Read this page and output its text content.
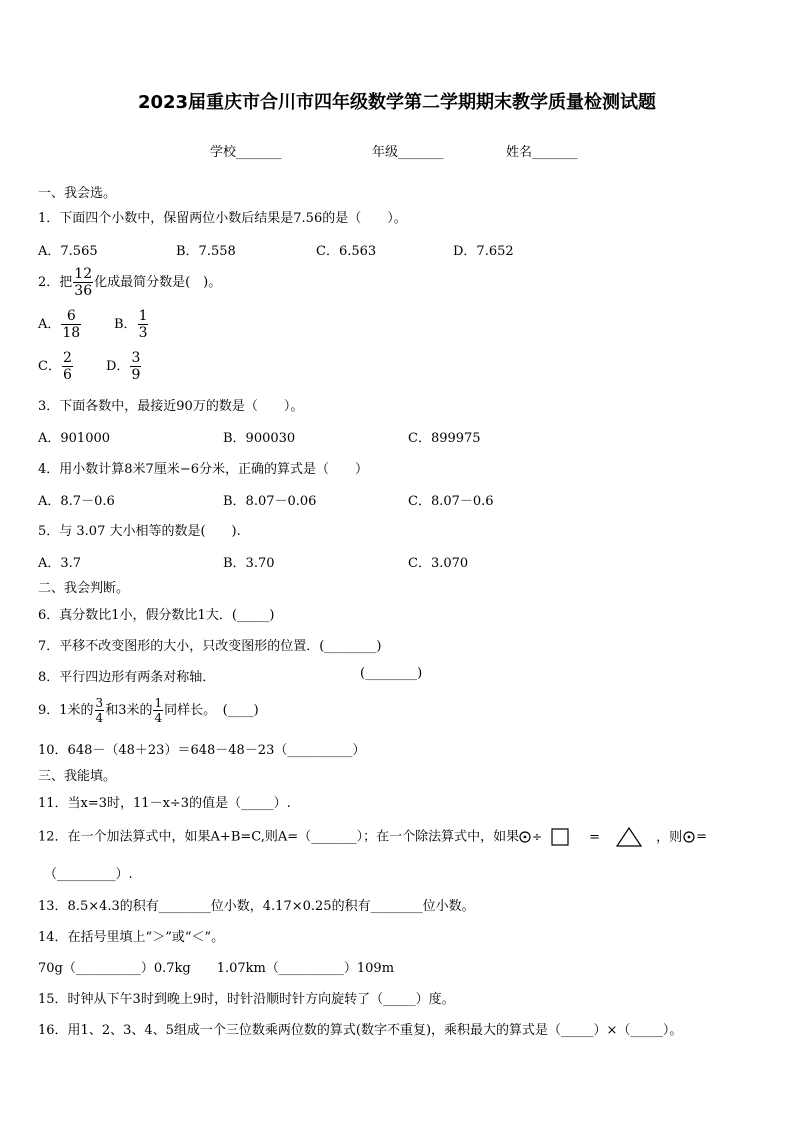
2023届重庆市合川市四年级数学第二学期期末教学质量检测试题
学校_______	年级_______	姓名_______
一、我会选。
1．下面四个小数中，保留两位小数后结果是7.56的是（　　）。
A．7.565	B．7.558	C．6.563	D．7.652
2．把 $\frac{12}{36}$ 化成最简分数是(　)。
A． $\frac{6}{18}$	B． $\frac{1}{3}$
C． $\frac{2}{6}$	D． $\frac{3}{9}$
3．下面各数中，最接近90万的数是（　　）。
A．901000	B．900030	C．899975
4．用小数计算8米7厘米−6分米，正确的算式是（　　）
A．8.7－0.6	B．8.07－0.06	C．8.07－0.6
5．与 3.07 大小相等的数是(　　).
A．3.7	B．3.70	C．3.070
二、我会判断。
6．真分数比1小，假分数比1大．(_____)
7．平移不改变图形的大小，只改变图形的位置．(________)
8．平行四边形有两条对称轴．	(________)
9．1米的 $\frac{3}{4}$ 和3米的 $\frac{1}{4}$ 同样长。　(____)
10．648－（48＋23）＝648－48－23（__________）
三、我能填。
11．当x=3时，11－x÷3的值是（_____）.
12．在一个加法算式中，如果A+B=C,则A=（_______）；在一个除法算式中，如果 ÷	=	，则 =
（_________）.
13．8.5×4.3的积有________位小数，4.17×0.25的积有________位小数。
14．在括号里填上“＞”或“＜”。
70g（__________）0.7kg　　1.07km（__________）109m
15．时钟从下午3时到晚上9时，时针沿顺时针方向旋转了（_____）度。
16．用1、2、3、4、5组成一个三位数乘两位数的算式(数字不重复)，乘积最大的算式是（_____）×（_____）。
